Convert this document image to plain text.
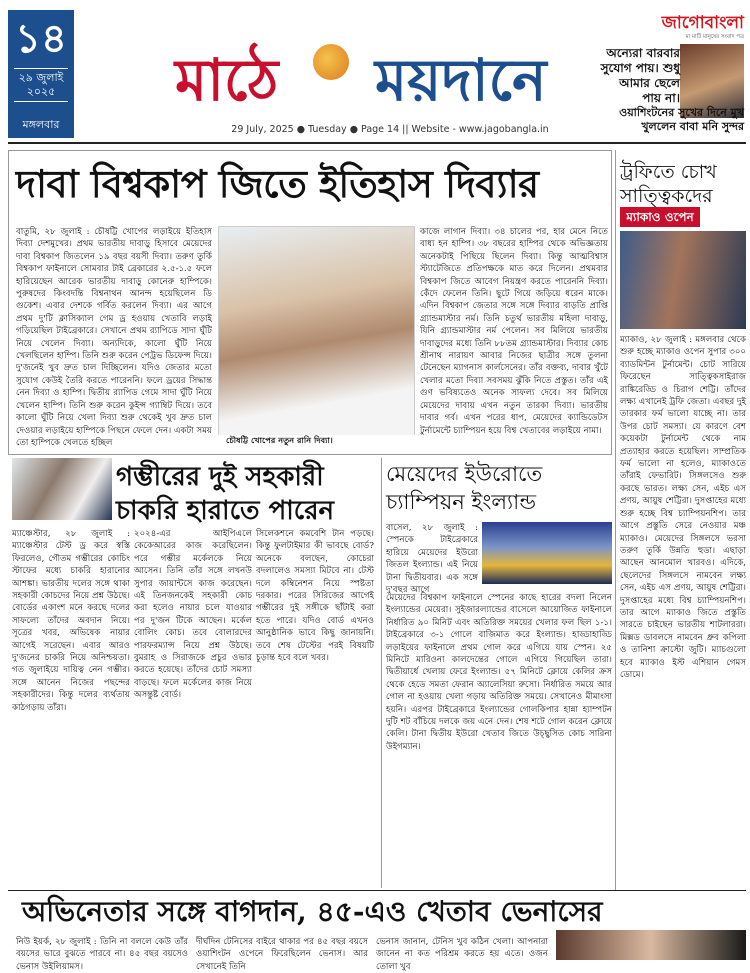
১৪
২৯ জুলাই ২০২৫
মঙ্গলবার
মাঠে ময়দানে
29 July, 2025 ● Tuesday ● Page 14 || Website - www.jagobangla.in
জাগোবাংলা
মা মাটি মানুষের সংবাদ পত্র
অন্যেরা বারবার সুযোগ পায়। শুধু আমার ছেলে পায় না।
ওয়াশিংটনের সুখের দিনে মুখ খুললেন বাবা মনি সুন্দর
দাবা বিশ্বকাপ জিতে ইতিহাস দিব্যার
বাতুমি, ২৮ জুলাই : চৌষট্টি খোপের লড়াইয়ে ইতিহাস দিব্যা দেশমুখের। প্রথম ভারতীয় দাবাড়ু হিসাবে মেয়েদের দাবা বিশ্বকাপ জিতলেন ১৯ বছর বয়সী দিব্যা। তরুণ তুর্কি বিশ্বকাপ ফাইনালে সোমবার টাই ব্রেকারের ২.৫-১.৫ ফলে হারিয়েছেন আরেক ভারতীয় দাবাড়ু কোনেরু হাম্পিকে। পুরুষদের কিংবদন্তি বিশ্বনাথন আনন্দ হয়েছিলেন ডি গুকেশ। এবার দেশকে গর্বিত করলেন দিব্যা। এর আগে প্রথম দু'টি ক্লাসিক্যাল গেম ড্র হওয়ায় খেতাবি লড়াই গড়িয়েছিল টাইব্রেকারে। সেখানে প্রথম র‍্যাপিডে সাদা ঘুঁটি নিয়ে খেলেন দিব্যা। অন্যদিকে, কালো ঘুঁটি নিয়ে খেলছিলেন হাম্পি। তিনি শুরু করেন পেট্রভ ডিফেন্স দিয়ে। দু'জনেই খুব দ্রুত চাল দিচ্ছিলেন। যদিও জেতার মতো সুযোগ কেউই তৈরি করতে পারেননি। ফলে ড্রয়ের সিদ্ধান্ত নেন দিব্যা ও হাম্পি। দ্বিতীয় র‍্যাপিড গেমে সাদা ঘুঁটি নিয়ে খেলেন হাম্পি। তিনি শুরু করেন কুইন্স গ্যাম্বিট দিয়ে। তবে কালো ঘুঁটি নিয়ে খেলা দিব্যা শুরু থেকেই খুব দ্রুত চাল দেওয়ার লড়াইয়ে হাম্পিকে পিছনে ফেলে দেন। একটা সময় তো হাম্পিকে খেলতে হচ্ছিল	চৌষট্টি খোপের নতুন রানি দিব্যা।
কাজে লাগান দিব্যা। ৩৪ চালের পর, হার মেনে নিতে বাধ্য হন হাম্পি। ৩৮ বছরের হাম্পির থেকে অভিজ্ঞতায় অনেকটাই পিছিয়ে ছিলেন দিব্যা। কিন্তু আত্মবিশ্বাস স্ট্যাটেজিতে প্রতিপক্ষকে মাত করে দিলেন। প্রথমবার বিশ্বকাপ জিতে আবেগ নিয়ন্ত্রণ করতে পারেননি দিব্যা। কেঁদে ফেলেন তিনি। ছুটে গিয়ে জড়িয়ে ধরেন মাকে। এদিন বিশ্বকাপ জেতার সঙ্গে সঙ্গে দিব্যার বাড়তি প্রাপ্তি গ্র্যান্ডমাস্টার নর্ম। তিনি চতুর্থ ভারতীয় মহিলা দাবাড়ু, যিনি গ্র্যান্ডমাস্টার নর্ম পেলেন। সব মিলিয়ে ভারতীয় দাবাড়ুদের মধ্যে তিনি ৮৮তম গ্র্যান্ডমাস্টার। দিব্যার কোচ শ্রীনাথ নারায়ণ আবার নিজের ছাত্রীর সঙ্গে তুলনা টেনেছেন ম্যাগনাস কার্লসেনের। তাঁর বক্তব্য, দাবার খুঁটে খেলার মতো দিব্যা সবসময় ঝুঁকি নিতে প্রস্তুত। তাঁর এই গুণ ভবিষ্যতেও অনেক সাফল্য দেবে। সব মিলিয়ে মেয়েদের দাবায় এখন নতুন তারকা দিব্যা। ভারতীয় দাবার গর্ব। এখন পরের ধাপ, মেয়েদের ক্যান্ডিডেটস টুর্নামেন্টে চ্যাম্পিয়ন হয়ে বিশ্ব খেতাবের লড়াইয়ে নামা।
ট্রফিতে চোখ সাত্ত্বিকদের
ম্যাকাও ওপেন
ম্যাকাও, ২৮ জুলাই : মঙ্গলবার থেকে শুরু হচ্ছে ম্যাকাও ওপেন সুপার ৩০০ ব্যাডমিন্টন টুর্নামেন্ট। চোট সারিয়ে ফিরেছেন সাত্ত্বিকসাইরাজ রাঙ্কিরেড্ডি ও চিরাগ শেট্টি। তাঁদের লক্ষ্য এখানেই ট্রফি জেতা। এবছর দুই তারকার ফর্ম ভালো যাচ্ছে না। তার উপর চোট সমস্যা। যে কারণে বেশ কয়েকটা টুর্নামেন্ট থেকে নাম প্রত্যাহার করতে হয়েছিল। সাম্প্রতিক ফর্ম ভালো না হলেও, ম্যাকাওতে তাঁরাই ফেভারিট। সিঙ্গলসেও শুরু করছে ভারত। লক্ষ্য সেন, এইচ এস প্রণয়, আয়ুষ শেট্টিরা। দুসপ্তাহের মধ্যে শুরু হচ্ছে বিশ্ব চ্যাম্পিয়নশিপ। তার আগে প্রস্তুতি সেরে নেওয়ার মঞ্চ ম্যাকাও। মেয়েদের সিঙ্গলসে ভরসা তরুণ তুর্কি উন্নতি হুডা। এছাড়া আছেন আনমোল খারবও। এদিকে, ছেলেদের সিঙ্গলসে নামবেন লক্ষ্য সেন, এইচ এস প্রণয়, আয়ুষ শেট্টিরা। দুসপ্তাহের মধ্যে বিশ্ব চ্যাম্পিয়নশিপ। তার আগে ম্যাকাও জিতে প্রস্তুতি সারতে চাইছেন ভারতীয় শাটলাররা। মিক্সড ডাবলসে নামবেন ধ্রুব কপিলা ও তানিশা ক্রাস্টো জুটি। ম্যাচগুলো হবে ম্যাকাও ইস্ট এশিয়ান গেমস ডোমে।
গম্ভীরের দুই সহকারী চাকরি হারাতে পারেন
ম্যাঞ্চেস্টার, ২৮ জুলাই : ম্যাঞ্চেস্টার টেস্ট ড্র করে স্বস্তি ফিরলেও, গৌতম গম্ভীরের কোচিং স্টাফের মধ্যে চাকরি হারানোর আশঙ্কা। ভারতীয় দলের সঙ্গে থাকা সহকারী কোচদের নিয়ে প্রশ্ন উঠছে। বোর্ডের একাংশ মনে করছে দলের সাফল্যে তাঁদের অবদান নিয়ে। সূত্রের খবর, অভিষেক নায়ার আগেই সরেছেন। এবার আরও দু'জনের চাকরি নিয়ে অনিশ্চয়তা। গত জুলাইয়ে দায়িত্ব নেন গম্ভীর। সঙ্গে আনেন নিজের পছন্দের সহকারীদের। কিন্তু দলের ব্যর্থতায় কাঠগড়ায় তাঁরা।
২০২৪-এর আইপিএলে কেকেআরের কাজ করেছিলেন। পরে গম্ভীর মর্কেলকে নিয়ে আসেন। তিনি তাঁর সঙ্গে লখনউ সুপার জায়ান্টসে কাজ করেছেন। এই তিনজনকেই সহকারী কোচ করা হলেও নায়ার চলে যাওয়ার পর দু'জন টিকে আছেন। মর্কেল বোলিং কোচ। তবে বোলারদের পারফরম্যান্স নিয়ে প্রশ্ন উঠছে। বুমরাহ ও সিরাজকে প্রচুর ওভার করতে হয়েছে। তাঁদের চোট সমস্যা বাড়ছে। ফলে মর্কেলের কাজ নিয়ে অসন্তুষ্ট বোর্ড।
সিলেকশনে কমবেশি টান পড়ছে। কিন্তু ফুলটাইমার কী ভাবছে বোর্ড? অনেকে বলছেন, কোচেরা বদলালেও সমস্যা মিটবে না। টেস্ট দলে কম্বিনেশন নিয়ে স্পষ্টতা দরকার। পরের সিরিজের আগেই গম্ভীরের দুই সঙ্গীকে ছাঁটাই করা হতে পারে। যদিও বোর্ড এখনও আনুষ্ঠানিক ভাবে কিছু জানায়নি। তবে শেষ টেস্টের পরই বিষয়টি চূড়ান্ত হবে বলে খবর।
মেয়েদের ইউরোতে চ্যাম্পিয়ন ইংল্যান্ড
বাসেল, ২৮ জুলাই : স্পেনকে টাইব্রেকারে হারিয়ে মেয়েদের ইউরো জিতল ইংল্যান্ড। এই নিয়ে টানা দ্বিতীয়বার। এক সঙ্গে দু'বছর আগে
মেয়েদের বিশ্বকাপ ফাইনালে স্পেনের কাছে হারের বদলা নিলেন ইংল্যান্ডের মেয়েরা। সুইজারল্যান্ডের বাসেলে আয়োজিত ফাইনালে নির্ধারিত ৯০ মিনিট এবং অতিরিক্ত সময়ের খেলার ফল ছিল ১-১। টাইব্রেকারে ৩-১ গোলে বাজিমাত করে ইংল্যান্ড। হাড্ডাহাড্ডি লড়াইয়ের ফাইনালে প্রথম গোল করে এগিয়ে যায় স্পেন। ২৫ মিনিটে মারিওনা কালদেন্তের গোলে এগিয়ে গিয়েছিল তারা। দ্বিতীয়ার্ধে খেলায় ফেরে ইংল্যান্ড। ৫৭ মিনিটে ক্লোয়ে কেলির ক্রস থেকে হেডে সমতা ফেরান অ্যালেসিয়া রুসো। নির্ধারিত সময়ে আর গোল না হওয়ায় খেলা গড়ায় অতিরিক্ত সময়ে। সেখানেও মীমাংসা হয়নি। এরপর টাইব্রেকারে ইংল্যান্ডের গোলকিপার হান্না হ্যাম্পটন দুটি শট বাঁচিয়ে দলকে জয় এনে দেন। শেষ শটে গোল করেন ক্লোয়ে কেলি। টানা দ্বিতীয় ইউরো খেতাব জিতে উচ্ছ্বসিত কোচ সারিনা উইগম্যান।
অভিনেতার সঙ্গে বাগদান, ৪৫-এও খেতাব ভেনাসের
নিউ ইয়র্ক, ২৮ জুলাই : তিনি না বললে কেউ তাঁর বয়সের ভারে বুঝতে পারবে না। ৪৫ বছর বয়সেও ভেনাস উইলিয়ামস।
দীর্ঘদিন টেনিসের বাইরে থাকার পর ৪৫ বছর বয়সে ওয়াশিংটন ওপেনে ফিরেছিলেন ভেনাস। আর সেখানেই তিনি
ভেনাস জানান, টেনিস খুব কঠিন খেলা। আপনারা জানেন না কত পরিশ্রম করতে হয় এতে। ওজন তোলা খুব
